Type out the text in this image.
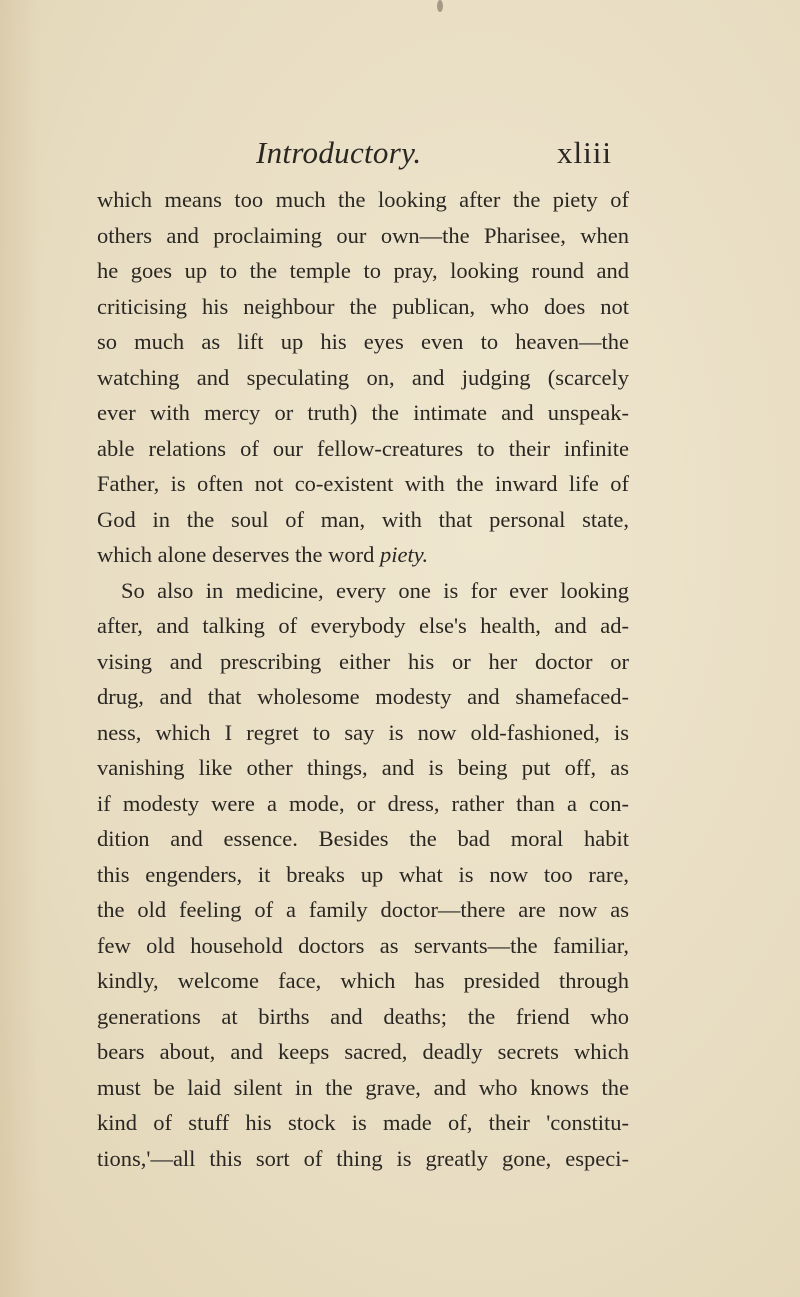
Introductory.	xliii
which means too much the looking after the piety of
others and proclaiming our own—the Pharisee, when
he goes up to the temple to pray, looking round and
criticising his neighbour the publican, who does not
so much as lift up his eyes even to heaven—the
watching and speculating on, and judging (scarcely
ever with mercy or truth) the intimate and unspeak-
able relations of our fellow-creatures to their infinite
Father, is often not co-existent with the inward life of
God in the soul of man, with that personal state,
which alone deserves the word piety.
So also in medicine, every one is for ever looking
after, and talking of everybody else's health, and ad-
vising and prescribing either his or her doctor or
drug, and that wholesome modesty and shamefaced-
ness, which I regret to say is now old-fashioned, is
vanishing like other things, and is being put off, as
if modesty were a mode, or dress, rather than a con-
dition and essence. Besides the bad moral habit
this engenders, it breaks up what is now too rare,
the old feeling of a family doctor—there are now as
few old household doctors as servants—the familiar,
kindly, welcome face, which has presided through
generations at births and deaths; the friend who
bears about, and keeps sacred, deadly secrets which
must be laid silent in the grave, and who knows the
kind of stuff his stock is made of, their 'constitu-
tions,'—all this sort of thing is greatly gone, especi-
